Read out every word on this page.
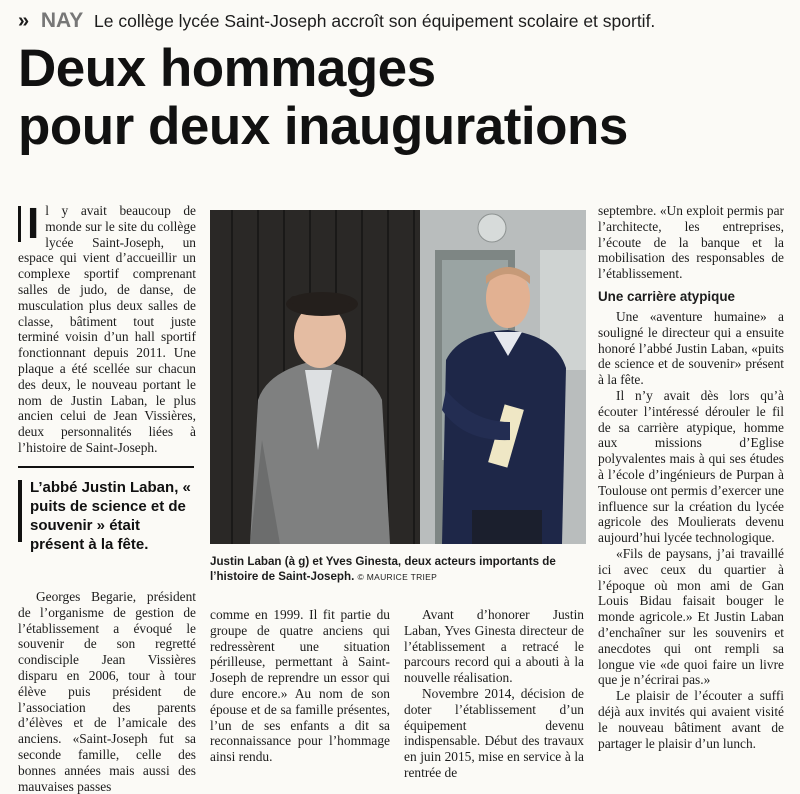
» NAY Le collège lycée Saint-Joseph accroît son équipement scolaire et sportif.
Deux hommages
pour deux inaugurations

I l y avait beaucoup de monde sur le site du collège lycée Saint-Joseph, un espace qui vient d’accueillir un complexe sportif comprenant salles de judo, de danse, de musculation plus deux salles de classe, bâtiment tout juste terminé voisin d’un hall sportif fonctionnant depuis 2011. Une plaque a été scellée sur chacun des deux, le nouveau portant le nom de Justin Laban, le plus ancien celui de Jean Vissières, deux personnalités liées à l’histoire de Saint-Joseph.

L’abbé Justin Laban, « puits de science et de souvenir » était présent à la fête.

Georges Begarie, président de l’organisme de gestion de l’établissement a évoqué le souvenir de son regretté condisciple Jean Vissières disparu en 2006, tour à tour élève puis président de l’association des parents d’élèves et de l’amicale des anciens. «Saint-Joseph fut sa seconde famille, celle des bonnes années mais aussi des mauvaises passes

Justin Laban (à g) et Yves Ginesta, deux acteurs importants de l’histoire de Saint-Joseph. © MAURICE TRIEP

comme en 1999. Il fit partie du groupe de quatre anciens qui redressèrent une situation périlleuse, permettant à Saint-Joseph de reprendre un essor qui dure encore.» Au nom de son épouse et de sa famille présentes, l’un de ses enfants a dit sa reconnaissance pour l’hommage ainsi rendu.

Avant d’honorer Justin Laban, Yves Ginesta directeur de l’établissement a retracé le parcours record qui a abouti à la nouvelle réalisation.

Novembre 2014, décision de doter l’établissement d’un équipement devenu indispensable. Début des travaux en juin 2015, mise en service à la rentrée de

septembre. «Un exploit permis par l’architecte, les entreprises, l’écoute de la banque et la mobilisation des responsables de l’établissement.

Une carrière atypique

Une «aventure humaine» a souligné le directeur qui a ensuite honoré l’abbé Justin Laban, «puits de science et de souvenir» présent à la fête.

Il n’y avait dès lors qu’à écouter l’intéressé dérouler le fil de sa carrière atypique, homme aux missions d’Eglise polyvalentes mais à qui ses études à l’école d’ingénieurs de Purpan à Toulouse ont permis d’exercer une influence sur la création du lycée agricole des Moulierats devenu aujourd’hui lycée technologique.

«Fils de paysans, j’ai travaillé ici avec ceux du quartier à l’époque où mon ami de Gan Louis Bidau faisait bouger le monde agricole.» Et Justin Laban d’enchaîner sur les souvenirs et anecdotes qui ont rempli sa longue vie «de quoi faire un livre que je n’écrirai pas.»

Le plaisir de l’écouter a suffi déjà aux invités qui avaient visité le nouveau bâtiment avant de partager le plaisir d’un lunch.
